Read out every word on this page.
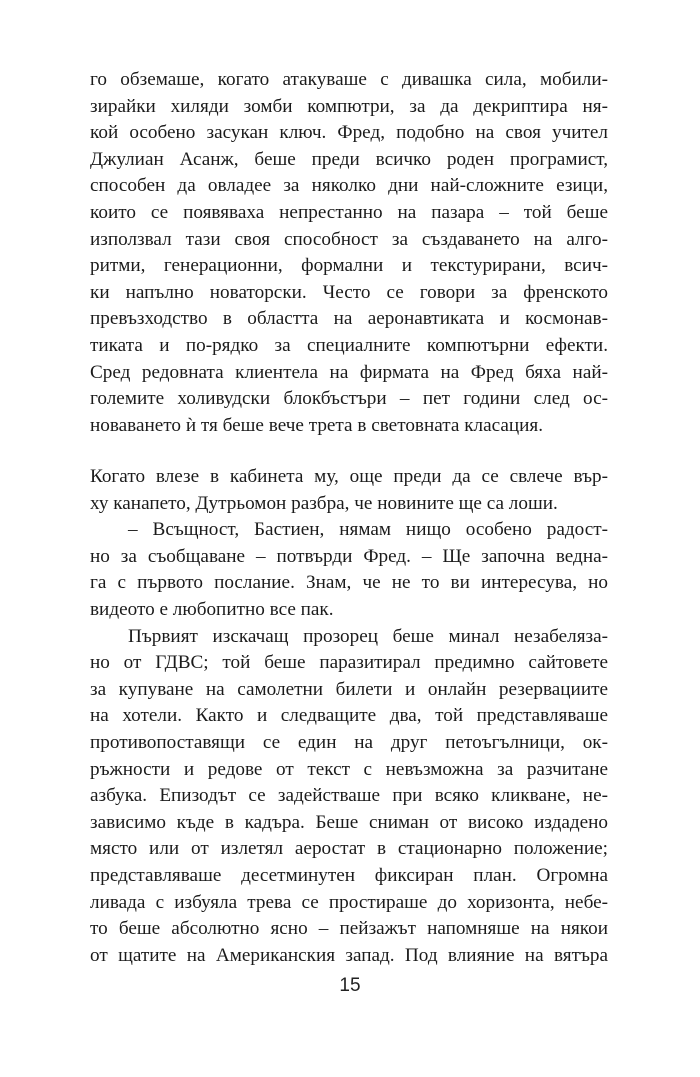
го обземаше, когато атакуваше с дивашка сила, мобили-
зирайки хиляди зомби компютри, за да декриптира ня-
кой особено засукан ключ. Фред, подобно на своя учител
Джулиан Асанж, беше преди всичко роден програмист,
способен да овладее за няколко дни най-сложните езици,
които се появяваха непрестанно на пазара – той беше
използвал тази своя способност за създаването на алго-
ритми, генерационни, формални и текстурирани, всич-
ки напълно новаторски. Често се говори за френското
превъзходство в областта на аеронавтиката и космонав-
тиката и по-рядко за специалните компютърни ефекти.
Сред редовната клиентела на фирмата на Фред бяха най-
големите холивудски блокбъстъри – пет години след ос-
новаването ѝ тя беше вече трета в световната класация.
Когато влезе в кабинета му, още преди да се свлече вър-
ху канапето, Дутрьомон разбра, че новините ще са лоши.
– Всъщност, Бастиен, нямам нищо особено радост-
но за съобщаване – потвърди Фред. – Ще започна ведна-
га с първото послание. Знам, че не то ви интересува, но
видеото е любопитно все пак.
Първият изскачащ прозорец беше минал незабеляза-
но от ГДВС; той беше паразитирал предимно сайтовете
за купуване на самолетни билети и онлайн резервациите
на хотели. Както и следващите два, той представляваше
противопоставящи се един на друг петоъгълници, ок-
ръжности и редове от текст с невъзможна за разчитане
азбука. Епизодът се задействаше при всяко кликване, не-
зависимо къде в кадъра. Беше сниман от високо издадено
място или от излетял аеростат в стационарно положение;
представляваше десетминутен фиксиран план. Огромна
ливада с избуяла трева се простираше до хоризонта, небе-
то беше абсолютно ясно – пейзажът напомняше на някои
от щатите на Американския запад. Под влияние на вятъра
15
